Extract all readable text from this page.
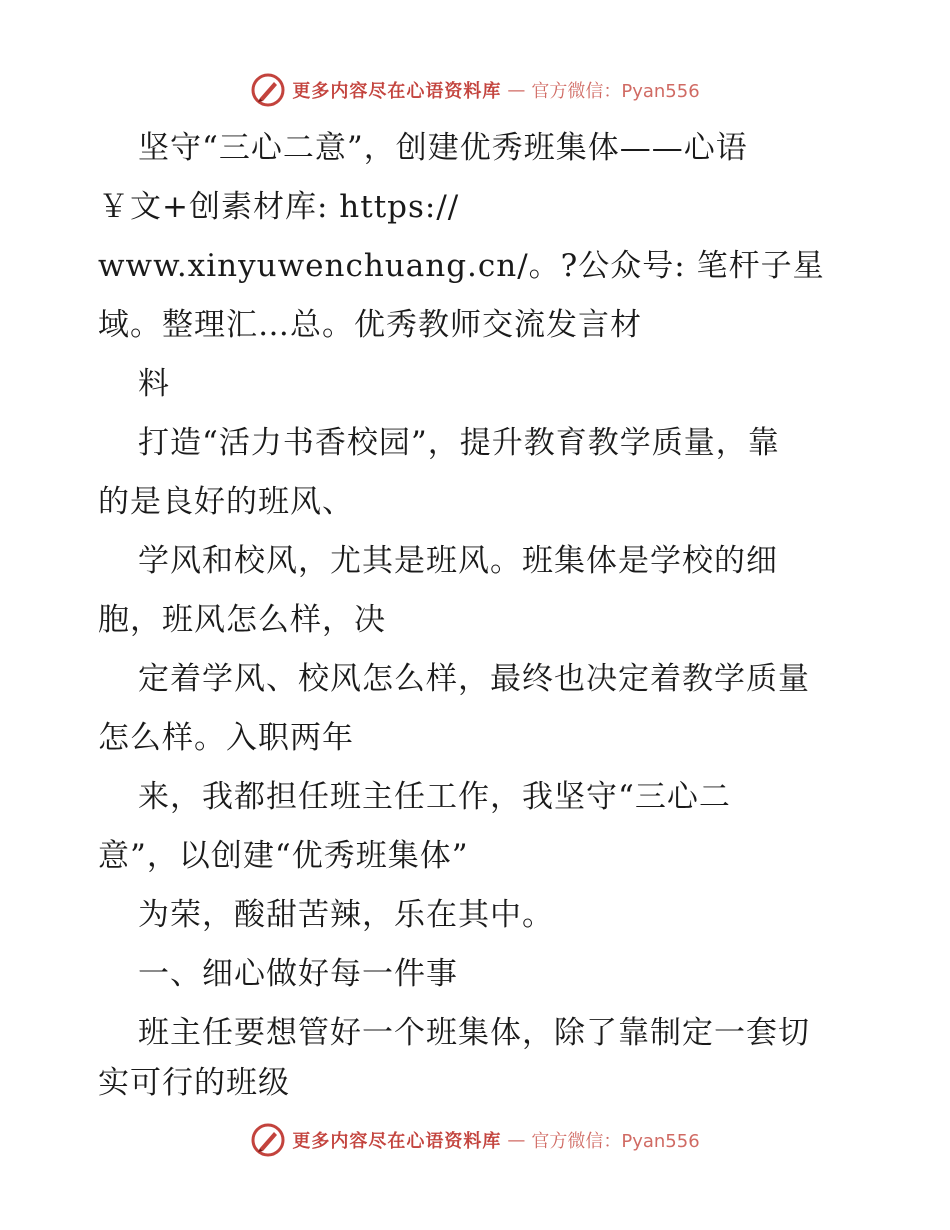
更多内容尽在心语资料库 — 官方微信：Pyan556
坚守“三心二意”，创建优秀班集体——心语
￥文+创素材库: https://
www.xinyuwenchuang.cn/。?公众号: 笔杆子星
域。整理汇…总。优秀教师交流发言材
料
打造“活力书香校园”，提升教育教学质量，靠
的是良好的班风、
学风和校风，尤其是班风。班集体是学校的细
胞，班风怎么样，决
定着学风、校风怎么样，最终也决定着教学质量
怎么样。入职两年
来，我都担任班主任工作，我坚守“三心二
意”，以创建“优秀班集体”
为荣，酸甜苦辣，乐在其中。
一、细心做好每一件事
班主任要想管好一个班集体，除了靠制定一套切
实可行的班级
更多内容尽在心语资料库 — 官方微信：Pyan556
